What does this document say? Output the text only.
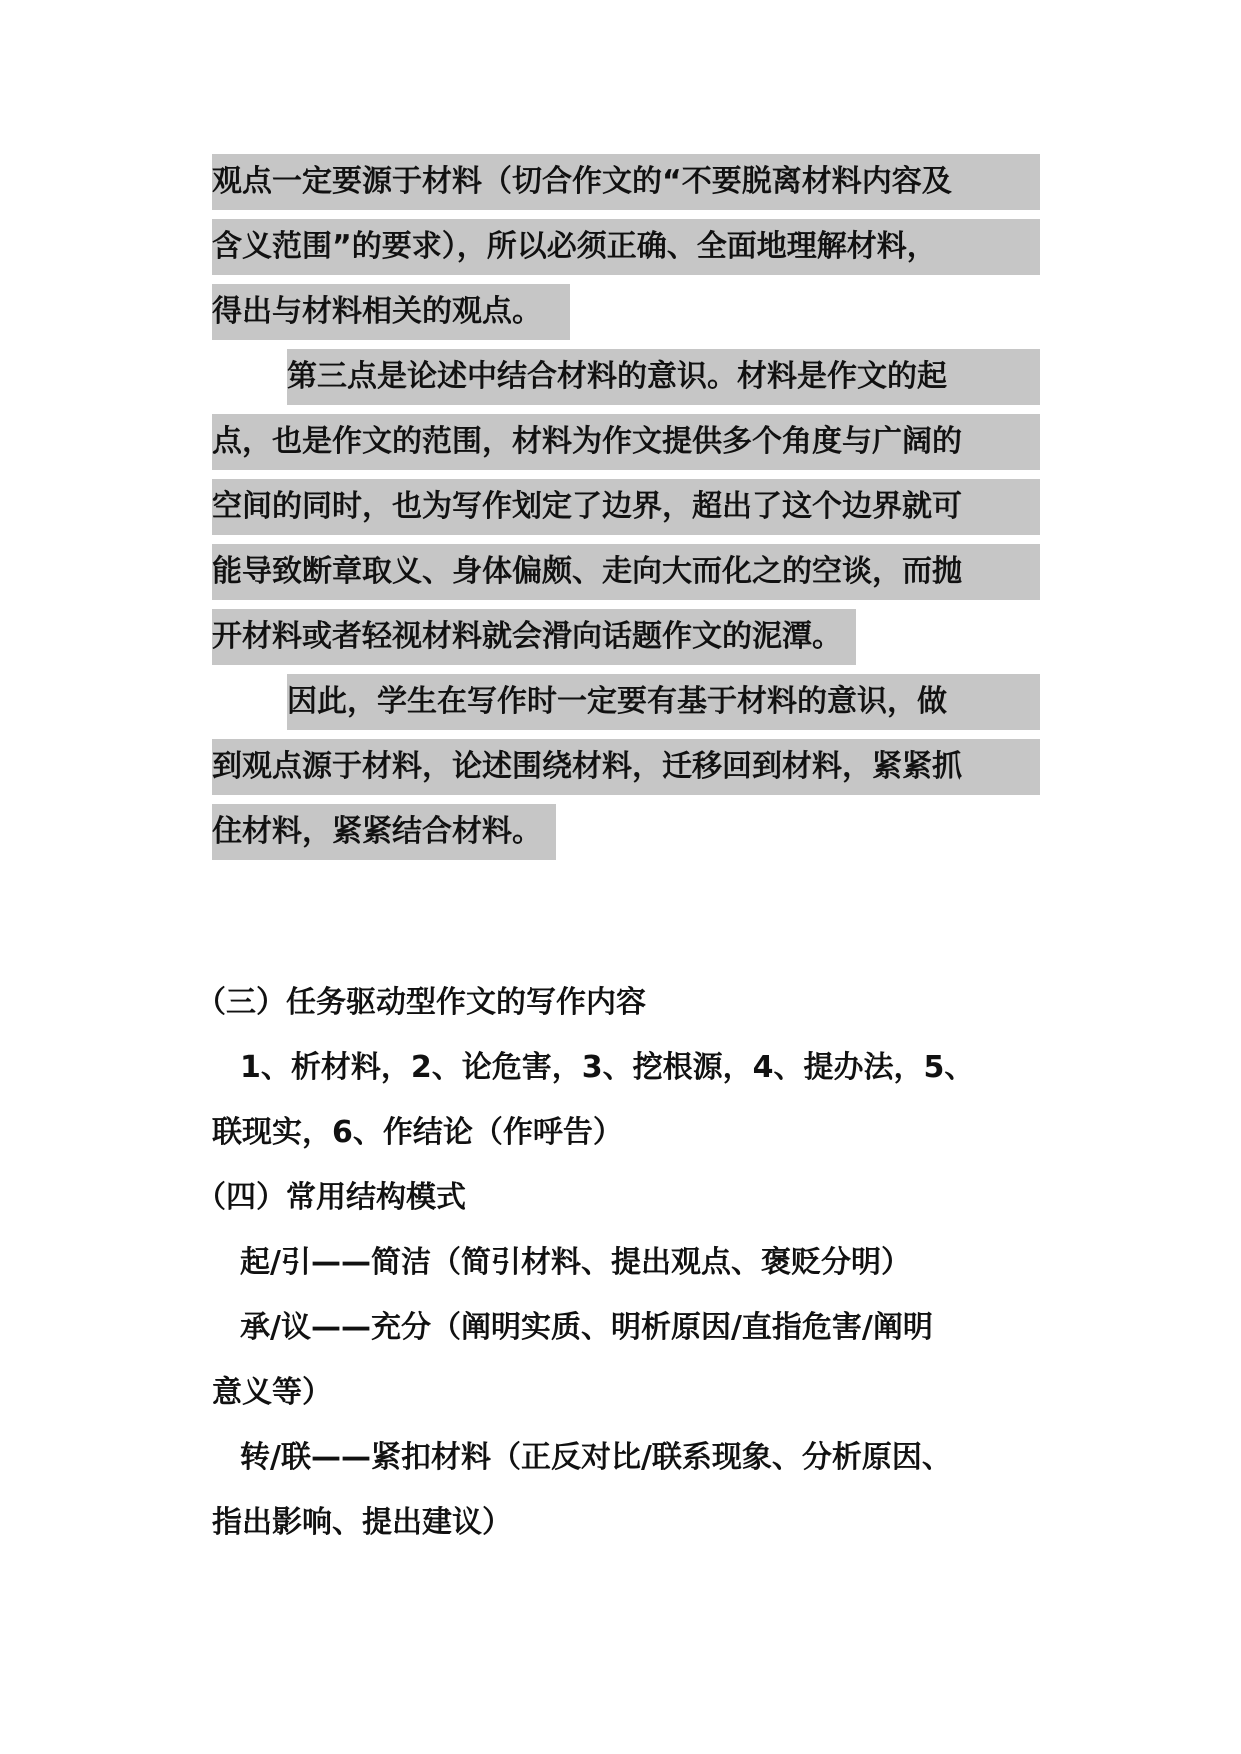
观点一定要源于材料（切合作文的“不要脱离材料内容及
含义范围”的要求），所以必须正确、全面地理解材料，
得出与材料相关的观点。
第三点是论述中结合材料的意识。材料是作文的起
点，也是作文的范围，材料为作文提供多个角度与广阔的
空间的同时，也为写作划定了边界，超出了这个边界就可
能导致断章取义、身体偏颇、走向大而化之的空谈，而抛
开材料或者轻视材料就会滑向话题作文的泥潭。
因此，学生在写作时一定要有基于材料的意识，做
到观点源于材料，论述围绕材料，迁移回到材料，紧紧抓
住材料，紧紧结合材料。
（三）任务驱动型作文的写作内容
1、析材料，2、论危害，3、挖根源，4、提办法，5、
联现实，6、作结论（作呼告）
（四）常用结构模式
起/引——简洁（简引材料、提出观点、褒贬分明）
承/议——充分（阐明实质、明析原因/直指危害/阐明
意义等）
转/联——紧扣材料（正反对比/联系现象、分析原因、
指出影响、提出建议）
